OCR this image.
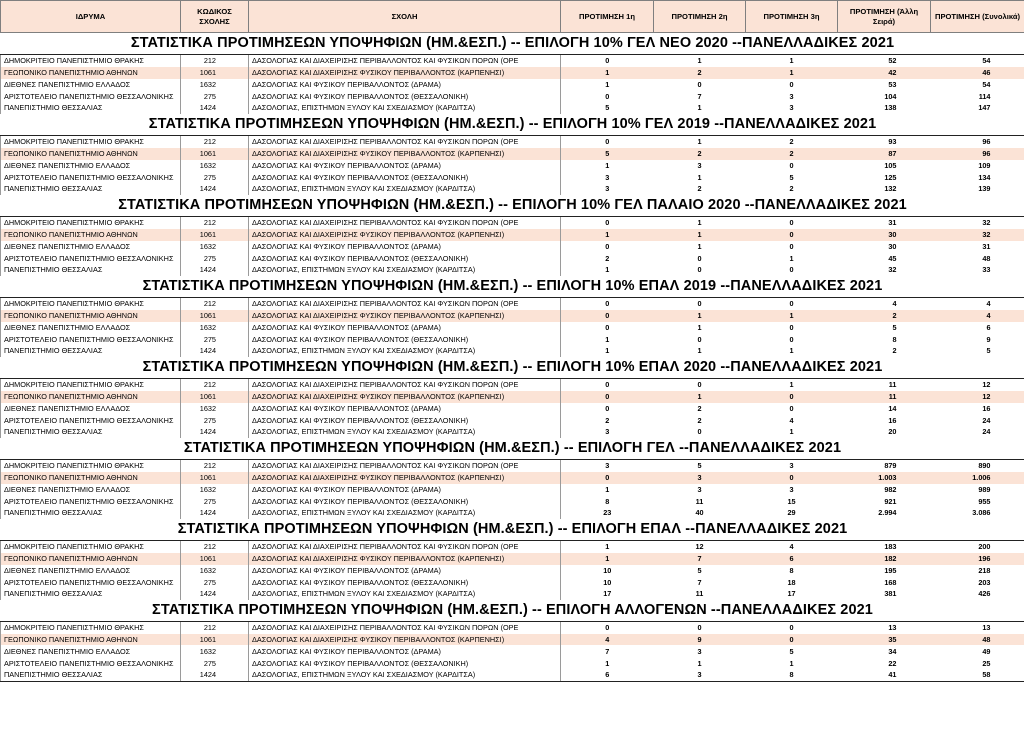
ΙΔΡΥΜΑ	ΚΩΔΙΚΟΣ ΣΧΟΛΗΣ	ΣΧΟΛΗ	ΠΡΟΤΙΜΗΣΗ 1η	ΠΡΟΤΙΜΗΣΗ 2η	ΠΡΟΤΙΜΗΣΗ 3η	ΠΡΟΤΙΜΗΣΗ (Άλλη Σειρά)	ΠΡΟΤΙΜΗΣΗ (Συνολικά)
ΣΤΑΤΙΣΤΙΚΑ ΠΡΟΤΙΜΗΣΕΩΝ ΥΠΟΨΗΦΙΩΝ (ΗΜ.&ΕΣΠ.) -- ΕΠΙΛΟΓΗ 10% ΓΕΛ ΝΕΟ 2020 --ΠΑΝΕΛΛΑΔΙΚΕΣ 2021							
ΔΗΜΟΚΡΙΤΕΙΟ ΠΑΝΕΠΙΣΤΗΜΙΟ ΘΡΑΚΗΣ	212	ΔΑΣΟΛΟΓΙΑΣ ΚΑΙ ΔΙΑΧΕΙΡΙΣΗΣ ΠΕΡΙΒΑΛΛΟΝΤΟΣ ΚΑΙ ΦΥΣΙΚΩΝ ΠΟΡΩΝ (ΟΡΕ	0	1	1	52	54
ΓΕΩΠΟΝΙΚΟ ΠΑΝΕΠΙΣΤΗΜΙΟ ΑΘΗΝΩΝ	1061	ΔΑΣΟΛΟΓΙΑΣ ΚΑΙ ΔΙΑΧΕΙΡΙΣΗΣ ΦΥΣΙΚΟΥ ΠΕΡΙΒΑΛΛΟΝΤΟΣ (ΚΑΡΠΕΝΗΣΙ)	1	2	1	42	46
ΔΙΕΘΝΕΣ ΠΑΝΕΠΙΣΤΗΜΙΟ ΕΛΛΑΔΟΣ	1632	ΔΑΣΟΛΟΓΙΑΣ ΚΑΙ ΦΥΣΙΚΟΥ ΠΕΡΙΒΑΛΛΟΝΤΟΣ (ΔΡΑΜΑ)	1	0	0	53	54
ΑΡΙΣΤΟΤΕΛΕΙΟ ΠΑΝΕΠΙΣΤΗΜΙΟ ΘΕΣΣΑΛΟΝΙΚΗΣ	275	ΔΑΣΟΛΟΓΙΑΣ ΚΑΙ ΦΥΣΙΚΟΥ ΠΕΡΙΒΑΛΛΟΝΤΟΣ (ΘΕΣΣΑΛΟΝΙΚΗ)	0	7	3	104	114
ΠΑΝΕΠΙΣΤΗΜΙΟ ΘΕΣΣΑΛΙΑΣ	1424	ΔΑΣΟΛΟΓΙΑΣ, ΕΠΙΣΤΗΜΩΝ ΞΥΛΟΥ ΚΑΙ ΣΧΕΔΙΑΣΜΟΥ (ΚΑΡΔΙΤΣΑ)	5	1	3	138	147
ΣΤΑΤΙΣΤΙΚΑ ΠΡΟΤΙΜΗΣΕΩΝ ΥΠΟΨΗΦΙΩΝ (ΗΜ.&ΕΣΠ.) -- ΕΠΙΛΟΓΗ 10% ΓΕΛ 2019 --ΠΑΝΕΛΛΑΔΙΚΕΣ 2021							
ΔΗΜΟΚΡΙΤΕΙΟ ΠΑΝΕΠΙΣΤΗΜΙΟ ΘΡΑΚΗΣ	212	ΔΑΣΟΛΟΓΙΑΣ ΚΑΙ ΔΙΑΧΕΙΡΙΣΗΣ ΠΕΡΙΒΑΛΛΟΝΤΟΣ ΚΑΙ ΦΥΣΙΚΩΝ ΠΟΡΩΝ (ΟΡΕ	0	1	2	93	96
ΓΕΩΠΟΝΙΚΟ ΠΑΝΕΠΙΣΤΗΜΙΟ ΑΘΗΝΩΝ	1061	ΔΑΣΟΛΟΓΙΑΣ ΚΑΙ ΔΙΑΧΕΙΡΙΣΗΣ ΦΥΣΙΚΟΥ ΠΕΡΙΒΑΛΛΟΝΤΟΣ (ΚΑΡΠΕΝΗΣΙ)	5	2	2	87	96
ΔΙΕΘΝΕΣ ΠΑΝΕΠΙΣΤΗΜΙΟ ΕΛΛΑΔΟΣ	1632	ΔΑΣΟΛΟΓΙΑΣ ΚΑΙ ΦΥΣΙΚΟΥ ΠΕΡΙΒΑΛΛΟΝΤΟΣ (ΔΡΑΜΑ)	1	3	0	105	109
ΑΡΙΣΤΟΤΕΛΕΙΟ ΠΑΝΕΠΙΣΤΗΜΙΟ ΘΕΣΣΑΛΟΝΙΚΗΣ	275	ΔΑΣΟΛΟΓΙΑΣ ΚΑΙ ΦΥΣΙΚΟΥ ΠΕΡΙΒΑΛΛΟΝΤΟΣ (ΘΕΣΣΑΛΟΝΙΚΗ)	3	1	5	125	134
ΠΑΝΕΠΙΣΤΗΜΙΟ ΘΕΣΣΑΛΙΑΣ	1424	ΔΑΣΟΛΟΓΙΑΣ, ΕΠΙΣΤΗΜΩΝ ΞΥΛΟΥ ΚΑΙ ΣΧΕΔΙΑΣΜΟΥ (ΚΑΡΔΙΤΣΑ)	3	2	2	132	139
ΣΤΑΤΙΣΤΙΚΑ ΠΡΟΤΙΜΗΣΕΩΝ ΥΠΟΨΗΦΙΩΝ (ΗΜ.&ΕΣΠ.) -- ΕΠΙΛΟΓΗ 10% ΓΕΛ ΠΑΛΑΙΟ 2020 --ΠΑΝΕΛΛΑΔΙΚΕΣ 2021							
ΔΗΜΟΚΡΙΤΕΙΟ ΠΑΝΕΠΙΣΤΗΜΙΟ ΘΡΑΚΗΣ	212	ΔΑΣΟΛΟΓΙΑΣ ΚΑΙ ΔΙΑΧΕΙΡΙΣΗΣ ΠΕΡΙΒΑΛΛΟΝΤΟΣ ΚΑΙ ΦΥΣΙΚΩΝ ΠΟΡΩΝ (ΟΡΕ	0	1	0	31	32
ΓΕΩΠΟΝΙΚΟ ΠΑΝΕΠΙΣΤΗΜΙΟ ΑΘΗΝΩΝ	1061	ΔΑΣΟΛΟΓΙΑΣ ΚΑΙ ΔΙΑΧΕΙΡΙΣΗΣ ΦΥΣΙΚΟΥ ΠΕΡΙΒΑΛΛΟΝΤΟΣ (ΚΑΡΠΕΝΗΣΙ)	1	1	0	30	32
ΔΙΕΘΝΕΣ ΠΑΝΕΠΙΣΤΗΜΙΟ ΕΛΛΑΔΟΣ	1632	ΔΑΣΟΛΟΓΙΑΣ ΚΑΙ ΦΥΣΙΚΟΥ ΠΕΡΙΒΑΛΛΟΝΤΟΣ (ΔΡΑΜΑ)	0	1	0	30	31
ΑΡΙΣΤΟΤΕΛΕΙΟ ΠΑΝΕΠΙΣΤΗΜΙΟ ΘΕΣΣΑΛΟΝΙΚΗΣ	275	ΔΑΣΟΛΟΓΙΑΣ ΚΑΙ ΦΥΣΙΚΟΥ ΠΕΡΙΒΑΛΛΟΝΤΟΣ (ΘΕΣΣΑΛΟΝΙΚΗ)	2	0	1	45	48
ΠΑΝΕΠΙΣΤΗΜΙΟ ΘΕΣΣΑΛΙΑΣ	1424	ΔΑΣΟΛΟΓΙΑΣ, ΕΠΙΣΤΗΜΩΝ ΞΥΛΟΥ ΚΑΙ ΣΧΕΔΙΑΣΜΟΥ (ΚΑΡΔΙΤΣΑ)	1	0	0	32	33
ΣΤΑΤΙΣΤΙΚΑ ΠΡΟΤΙΜΗΣΕΩΝ ΥΠΟΨΗΦΙΩΝ (ΗΜ.&ΕΣΠ.) -- ΕΠΙΛΟΓΗ 10% ΕΠΑΛ 2019 --ΠΑΝΕΛΛΑΔΙΚΕΣ 2021							
ΔΗΜΟΚΡΙΤΕΙΟ ΠΑΝΕΠΙΣΤΗΜΙΟ ΘΡΑΚΗΣ	212	ΔΑΣΟΛΟΓΙΑΣ ΚΑΙ ΔΙΑΧΕΙΡΙΣΗΣ ΠΕΡΙΒΑΛΛΟΝΤΟΣ ΚΑΙ ΦΥΣΙΚΩΝ ΠΟΡΩΝ (ΟΡΕ	0	0	0	4	4
ΓΕΩΠΟΝΙΚΟ ΠΑΝΕΠΙΣΤΗΜΙΟ ΑΘΗΝΩΝ	1061	ΔΑΣΟΛΟΓΙΑΣ ΚΑΙ ΔΙΑΧΕΙΡΙΣΗΣ ΦΥΣΙΚΟΥ ΠΕΡΙΒΑΛΛΟΝΤΟΣ (ΚΑΡΠΕΝΗΣΙ)	0	1	1	2	4
ΔΙΕΘΝΕΣ ΠΑΝΕΠΙΣΤΗΜΙΟ ΕΛΛΑΔΟΣ	1632	ΔΑΣΟΛΟΓΙΑΣ ΚΑΙ ΦΥΣΙΚΟΥ ΠΕΡΙΒΑΛΛΟΝΤΟΣ (ΔΡΑΜΑ)	0	1	0	5	6
ΑΡΙΣΤΟΤΕΛΕΙΟ ΠΑΝΕΠΙΣΤΗΜΙΟ ΘΕΣΣΑΛΟΝΙΚΗΣ	275	ΔΑΣΟΛΟΓΙΑΣ ΚΑΙ ΦΥΣΙΚΟΥ ΠΕΡΙΒΑΛΛΟΝΤΟΣ (ΘΕΣΣΑΛΟΝΙΚΗ)	1	0	0	8	9
ΠΑΝΕΠΙΣΤΗΜΙΟ ΘΕΣΣΑΛΙΑΣ	1424	ΔΑΣΟΛΟΓΙΑΣ, ΕΠΙΣΤΗΜΩΝ ΞΥΛΟΥ ΚΑΙ ΣΧΕΔΙΑΣΜΟΥ (ΚΑΡΔΙΤΣΑ)	1	1	1	2	5
ΣΤΑΤΙΣΤΙΚΑ ΠΡΟΤΙΜΗΣΕΩΝ ΥΠΟΨΗΦΙΩΝ (ΗΜ.&ΕΣΠ.) -- ΕΠΙΛΟΓΗ 10% ΕΠΑΛ 2020 --ΠΑΝΕΛΛΑΔΙΚΕΣ 2021							
ΔΗΜΟΚΡΙΤΕΙΟ ΠΑΝΕΠΙΣΤΗΜΙΟ ΘΡΑΚΗΣ	212	ΔΑΣΟΛΟΓΙΑΣ ΚΑΙ ΔΙΑΧΕΙΡΙΣΗΣ ΠΕΡΙΒΑΛΛΟΝΤΟΣ ΚΑΙ ΦΥΣΙΚΩΝ ΠΟΡΩΝ (ΟΡΕ	0	0	1	11	12
ΓΕΩΠΟΝΙΚΟ ΠΑΝΕΠΙΣΤΗΜΙΟ ΑΘΗΝΩΝ	1061	ΔΑΣΟΛΟΓΙΑΣ ΚΑΙ ΔΙΑΧΕΙΡΙΣΗΣ ΦΥΣΙΚΟΥ ΠΕΡΙΒΑΛΛΟΝΤΟΣ (ΚΑΡΠΕΝΗΣΙ)	0	1	0	11	12
ΔΙΕΘΝΕΣ ΠΑΝΕΠΙΣΤΗΜΙΟ ΕΛΛΑΔΟΣ	1632	ΔΑΣΟΛΟΓΙΑΣ ΚΑΙ ΦΥΣΙΚΟΥ ΠΕΡΙΒΑΛΛΟΝΤΟΣ (ΔΡΑΜΑ)	0	2	0	14	16
ΑΡΙΣΤΟΤΕΛΕΙΟ ΠΑΝΕΠΙΣΤΗΜΙΟ ΘΕΣΣΑΛΟΝΙΚΗΣ	275	ΔΑΣΟΛΟΓΙΑΣ ΚΑΙ ΦΥΣΙΚΟΥ ΠΕΡΙΒΑΛΛΟΝΤΟΣ (ΘΕΣΣΑΛΟΝΙΚΗ)	2	2	4	16	24
ΠΑΝΕΠΙΣΤΗΜΙΟ ΘΕΣΣΑΛΙΑΣ	1424	ΔΑΣΟΛΟΓΙΑΣ, ΕΠΙΣΤΗΜΩΝ ΞΥΛΟΥ ΚΑΙ ΣΧΕΔΙΑΣΜΟΥ (ΚΑΡΔΙΤΣΑ)	3	0	1	20	24
ΣΤΑΤΙΣΤΙΚΑ ΠΡΟΤΙΜΗΣΕΩΝ ΥΠΟΨΗΦΙΩΝ (ΗΜ.&ΕΣΠ.) -- ΕΠΙΛΟΓΗ ΓΕΛ --ΠΑΝΕΛΛΑΔΙΚΕΣ 2021							
ΔΗΜΟΚΡΙΤΕΙΟ ΠΑΝΕΠΙΣΤΗΜΙΟ ΘΡΑΚΗΣ	212	ΔΑΣΟΛΟΓΙΑΣ ΚΑΙ ΔΙΑΧΕΙΡΙΣΗΣ ΠΕΡΙΒΑΛΛΟΝΤΟΣ ΚΑΙ ΦΥΣΙΚΩΝ ΠΟΡΩΝ (ΟΡΕ	3	5	3	879	890
ΓΕΩΠΟΝΙΚΟ ΠΑΝΕΠΙΣΤΗΜΙΟ ΑΘΗΝΩΝ	1061	ΔΑΣΟΛΟΓΙΑΣ ΚΑΙ ΔΙΑΧΕΙΡΙΣΗΣ ΦΥΣΙΚΟΥ ΠΕΡΙΒΑΛΛΟΝΤΟΣ (ΚΑΡΠΕΝΗΣΙ)	0	3	0	1.003	1.006
ΔΙΕΘΝΕΣ ΠΑΝΕΠΙΣΤΗΜΙΟ ΕΛΛΑΔΟΣ	1632	ΔΑΣΟΛΟΓΙΑΣ ΚΑΙ ΦΥΣΙΚΟΥ ΠΕΡΙΒΑΛΛΟΝΤΟΣ (ΔΡΑΜΑ)	1	3	3	982	989
ΑΡΙΣΤΟΤΕΛΕΙΟ ΠΑΝΕΠΙΣΤΗΜΙΟ ΘΕΣΣΑΛΟΝΙΚΗΣ	275	ΔΑΣΟΛΟΓΙΑΣ ΚΑΙ ΦΥΣΙΚΟΥ ΠΕΡΙΒΑΛΛΟΝΤΟΣ (ΘΕΣΣΑΛΟΝΙΚΗ)	8	11	15	921	955
ΠΑΝΕΠΙΣΤΗΜΙΟ ΘΕΣΣΑΛΙΑΣ	1424	ΔΑΣΟΛΟΓΙΑΣ, ΕΠΙΣΤΗΜΩΝ ΞΥΛΟΥ ΚΑΙ ΣΧΕΔΙΑΣΜΟΥ (ΚΑΡΔΙΤΣΑ)	23	40	29	2.994	3.086
ΣΤΑΤΙΣΤΙΚΑ ΠΡΟΤΙΜΗΣΕΩΝ ΥΠΟΨΗΦΙΩΝ (ΗΜ.&ΕΣΠ.) -- ΕΠΙΛΟΓΗ ΕΠΑΛ --ΠΑΝΕΛΛΑΔΙΚΕΣ 2021							
ΔΗΜΟΚΡΙΤΕΙΟ ΠΑΝΕΠΙΣΤΗΜΙΟ ΘΡΑΚΗΣ	212	ΔΑΣΟΛΟΓΙΑΣ ΚΑΙ ΔΙΑΧΕΙΡΙΣΗΣ ΠΕΡΙΒΑΛΛΟΝΤΟΣ ΚΑΙ ΦΥΣΙΚΩΝ ΠΟΡΩΝ (ΟΡΕ	1	12	4	183	200
ΓΕΩΠΟΝΙΚΟ ΠΑΝΕΠΙΣΤΗΜΙΟ ΑΘΗΝΩΝ	1061	ΔΑΣΟΛΟΓΙΑΣ ΚΑΙ ΔΙΑΧΕΙΡΙΣΗΣ ΦΥΣΙΚΟΥ ΠΕΡΙΒΑΛΛΟΝΤΟΣ (ΚΑΡΠΕΝΗΣΙ)	1	7	6	182	196
ΔΙΕΘΝΕΣ ΠΑΝΕΠΙΣΤΗΜΙΟ ΕΛΛΑΔΟΣ	1632	ΔΑΣΟΛΟΓΙΑΣ ΚΑΙ ΦΥΣΙΚΟΥ ΠΕΡΙΒΑΛΛΟΝΤΟΣ (ΔΡΑΜΑ)	10	5	8	195	218
ΑΡΙΣΤΟΤΕΛΕΙΟ ΠΑΝΕΠΙΣΤΗΜΙΟ ΘΕΣΣΑΛΟΝΙΚΗΣ	275	ΔΑΣΟΛΟΓΙΑΣ ΚΑΙ ΦΥΣΙΚΟΥ ΠΕΡΙΒΑΛΛΟΝΤΟΣ (ΘΕΣΣΑΛΟΝΙΚΗ)	10	7	18	168	203
ΠΑΝΕΠΙΣΤΗΜΙΟ ΘΕΣΣΑΛΙΑΣ	1424	ΔΑΣΟΛΟΓΙΑΣ, ΕΠΙΣΤΗΜΩΝ ΞΥΛΟΥ ΚΑΙ ΣΧΕΔΙΑΣΜΟΥ (ΚΑΡΔΙΤΣΑ)	17	11	17	381	426
ΣΤΑΤΙΣΤΙΚΑ ΠΡΟΤΙΜΗΣΕΩΝ ΥΠΟΨΗΦΙΩΝ (ΗΜ.&ΕΣΠ.) -- ΕΠΙΛΟΓΗ ΑΛΛΟΓΕΝΩΝ --ΠΑΝΕΛΛΑΔΙΚΕΣ 2021							
ΔΗΜΟΚΡΙΤΕΙΟ ΠΑΝΕΠΙΣΤΗΜΙΟ ΘΡΑΚΗΣ	212	ΔΑΣΟΛΟΓΙΑΣ ΚΑΙ ΔΙΑΧΕΙΡΙΣΗΣ ΠΕΡΙΒΑΛΛΟΝΤΟΣ ΚΑΙ ΦΥΣΙΚΩΝ ΠΟΡΩΝ (ΟΡΕ	0	0	0	13	13
ΓΕΩΠΟΝΙΚΟ ΠΑΝΕΠΙΣΤΗΜΙΟ ΑΘΗΝΩΝ	1061	ΔΑΣΟΛΟΓΙΑΣ ΚΑΙ ΔΙΑΧΕΙΡΙΣΗΣ ΦΥΣΙΚΟΥ ΠΕΡΙΒΑΛΛΟΝΤΟΣ (ΚΑΡΠΕΝΗΣΙ)	4	9	0	35	48
ΔΙΕΘΝΕΣ ΠΑΝΕΠΙΣΤΗΜΙΟ ΕΛΛΑΔΟΣ	1632	ΔΑΣΟΛΟΓΙΑΣ ΚΑΙ ΦΥΣΙΚΟΥ ΠΕΡΙΒΑΛΛΟΝΤΟΣ (ΔΡΑΜΑ)	7	3	5	34	49
ΑΡΙΣΤΟΤΕΛΕΙΟ ΠΑΝΕΠΙΣΤΗΜΙΟ ΘΕΣΣΑΛΟΝΙΚΗΣ	275	ΔΑΣΟΛΟΓΙΑΣ ΚΑΙ ΦΥΣΙΚΟΥ ΠΕΡΙΒΑΛΛΟΝΤΟΣ (ΘΕΣΣΑΛΟΝΙΚΗ)	1	1	1	22	25
ΠΑΝΕΠΙΣΤΗΜΙΟ ΘΕΣΣΑΛΙΑΣ	1424	ΔΑΣΟΛΟΓΙΑΣ, ΕΠΙΣΤΗΜΩΝ ΞΥΛΟΥ ΚΑΙ ΣΧΕΔΙΑΣΜΟΥ (ΚΑΡΔΙΤΣΑ)	6	3	8	41	58
